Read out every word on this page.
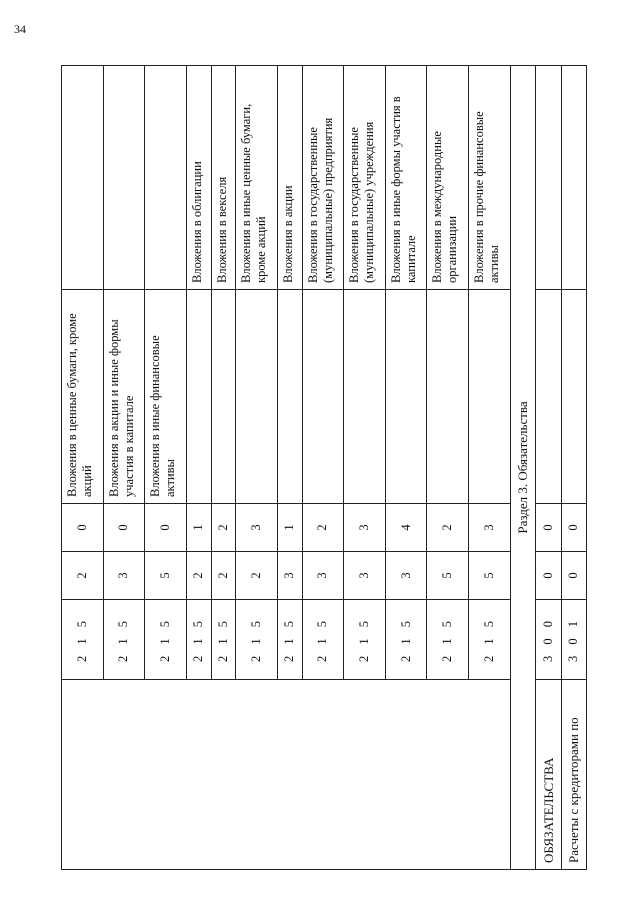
34
	2 1 5	2	0	Вложения в ценные бумаги, кроме акций	
	2 1 5	3	0	Вложения в акции и иные формы участия в капитале	
	2 1 5	5	0	Вложения в иные финансовые активы	
	2 1 5	2	1		Вложения в облигации
	2 1 5	2	2		Вложения в векселя
	2 1 5	2	3		Вложения в иные ценные бумаги, кроме акций
	2 1 5	3	1		Вложения в акции
	2 1 5	3	2		Вложения в государственные (муниципальные) предприятия
	2 1 5	3	3		Вложения в государственные (муниципальные) учреждения
	2 1 5	3	4		Вложения в иные формы участия в капитале
	2 1 5	5	2		Вложения в международные организации
	2 1 5	5	3		Вложения в прочие финансовые активы
Раздел 3. Обязательства					
ОБЯЗАТЕЛЬСТВА	3 0 0	0	0		
Расчеты с кредиторами по	3 0 1	0	0		
